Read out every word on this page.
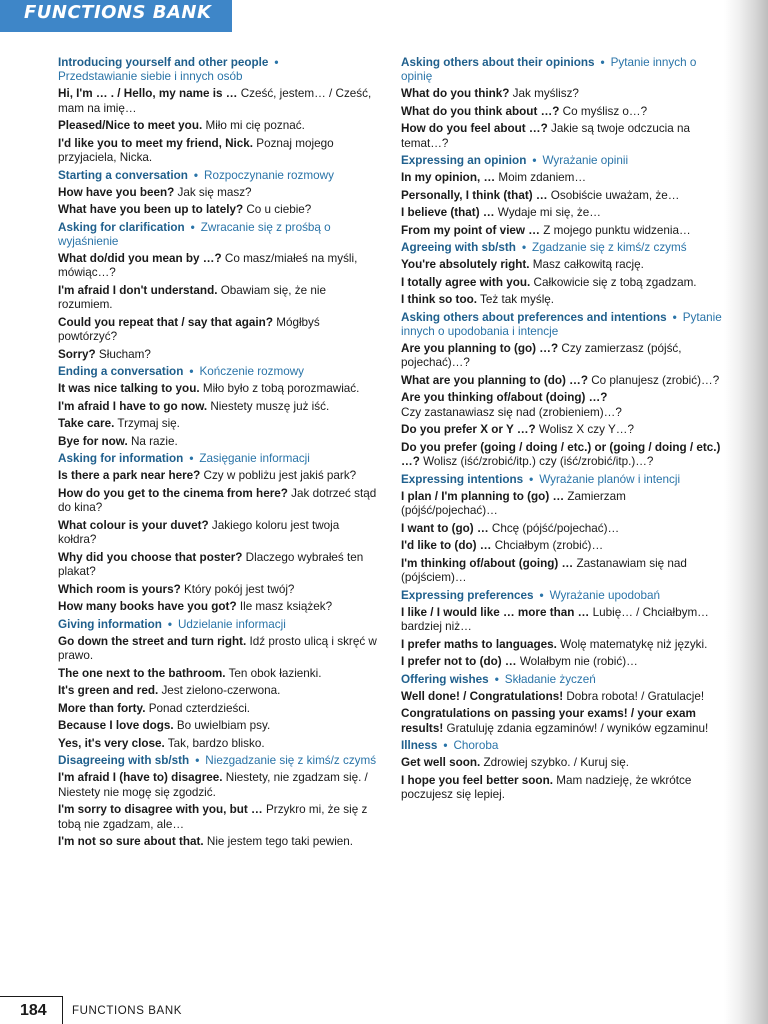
FUNCTIONS BANK
Introducing yourself and other people •
Przedstawianie siebie i innych osób
Hi, I'm … . / Hello, my name is … Cześć, jestem… / Cześć, mam na imię…
Pleased/Nice to meet you. Miło mi cię poznać.
I'd like you to meet my friend, Nick. Poznaj mojego przyjaciela, Nicka.
Starting a conversation • Rozpoczynanie rozmowy
How have you been? Jak się masz?
What have you been up to lately? Co u ciebie?
Asking for clarification • Zwracanie się z prośbą o wyjaśnienie
What do/did you mean by …? Co masz/miałeś na myśli, mówiąc…?
I'm afraid I don't understand. Obawiam się, że nie rozumiem.
Could you repeat that / say that again? Mógłbyś powtórzyć?
Sorry? Słucham?
Ending a conversation • Kończenie rozmowy
It was nice talking to you. Miło było z tobą porozmawiać.
I'm afraid I have to go now. Niestety muszę już iść.
Take care. Trzymaj się.
Bye for now. Na razie.
Asking for information • Zasięganie informacji
Is there a park near here? Czy w pobliżu jest jakiś park?
How do you get to the cinema from here? Jak dotrzeć stąd do kina?
What colour is your duvet? Jakiego koloru jest twoja kołdra?
Why did you choose that poster? Dlaczego wybrałeś ten plakat?
Which room is yours? Który pokój jest twój?
How many books have you got? Ile masz książek?
Giving information • Udzielanie informacji
Go down the street and turn right. Idź prosto ulicą i skręć w prawo.
The one next to the bathroom. Ten obok łazienki.
It's green and red. Jest zielono-czerwona.
More than forty. Ponad czterdzieści.
Because I love dogs. Bo uwielbiam psy.
Yes, it's very close. Tak, bardzo blisko.
Disagreeing with sb/sth • Niezgadzanie się z kimś/z czymś
I'm afraid I (have to) disagree. Niestety, nie zgadzam się. / Niestety nie mogę się zgodzić.
I'm sorry to disagree with you, but … Przykro mi, że się z tobą nie zgadzam, ale…
I'm not so sure about that. Nie jestem tego taki pewien.
Asking others about their opinions • Pytanie innych o opinię
What do you think? Jak myślisz?
What do you think about …? Co myślisz o…?
How do you feel about …? Jakie są twoje odczucia na temat…?
Expressing an opinion • Wyrażanie opinii
In my opinion, … Moim zdaniem…
Personally, I think (that) … Osobiście uważam, że…
I believe (that) … Wydaje mi się, że…
From my point of view … Z mojego punktu widzenia…
Agreeing with sb/sth • Zgadzanie się z kimś/z czymś
You're absolutely right. Masz całkowitą rację.
I totally agree with you. Całkowicie się z tobą zgadzam.
I think so too. Też tak myślę.
Asking others about preferences and intentions • Pytanie innych o upodobania i intencje
Are you planning to (go) …? Czy zamierzasz (pójść, pojechać)…?
What are you planning to (do) …? Co planujesz (zrobić)…?
Are you thinking of/about (doing) …?
Czy zastanawiasz się nad (zrobieniem)…?
Do you prefer X or Y …? Wolisz X czy Y…?
Do you prefer (going / doing / etc.) or (going / doing / etc.) …? Wolisz (iść/zrobić/itp.) czy (iść/zrobić/itp.)…?
Expressing intentions • Wyrażanie planów i intencji
I plan / I'm planning to (go) … Zamierzam (pójść/pojechać)…
I want to (go) … Chcę (pójść/pojechać)…
I'd like to (do) … Chciałbym (zrobić)…
I'm thinking of/about (going) … Zastanawiam się nad (pójściem)…
Expressing preferences • Wyrażanie upodobań
I like / I would like … more than … Lubię… / Chciałbym… bardziej niż…
I prefer maths to languages. Wolę matematykę niż języki.
I prefer not to (do) … Wolałbym nie (robić)…
Offering wishes • Składanie życzeń
Well done! / Congratulations! Dobra robota! / Gratulacje!
Congratulations on passing your exams! / your exam results! Gratuluję zdania egzaminów! / wyników egzaminu!
Illness • Choroba
Get well soon. Zdrowiej szybko. / Kuruj się.
I hope you feel better soon. Mam nadzieję, że wkrótce poczujesz się lepiej.
184 FUNCTIONS BANK
